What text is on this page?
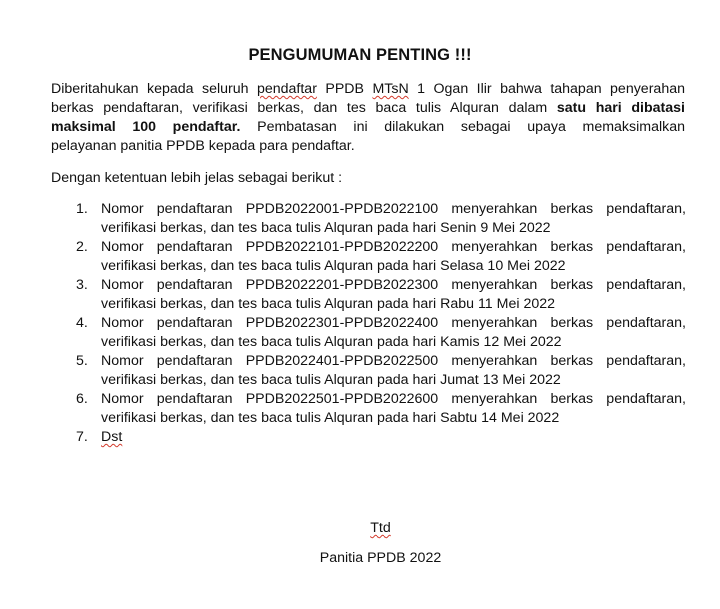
PENGUMUMAN PENTING !!!
Diberitahukan kepada seluruh pendaftar PPDB MTsN 1 Ogan Ilir bahwa tahapan penyerahan
berkas pendaftaran, verifikasi berkas, dan tes baca tulis Alquran dalam satu hari dibatasi
maksimal 100 pendaftar. Pembatasan ini dilakukan sebagai upaya memaksimalkan
pelayanan panitia PPDB kepada para pendaftar.

Dengan ketentuan lebih jelas sebagai berikut :

1. Nomor pendaftaran PPDB2022001-PPDB2022100 menyerahkan berkas pendaftaran,
verifikasi berkas, dan tes baca tulis Alquran pada hari Senin 9 Mei 2022
2. Nomor pendaftaran PPDB2022101-PPDB2022200 menyerahkan berkas pendaftaran,
verifikasi berkas, dan tes baca tulis Alquran pada hari Selasa 10 Mei 2022
3. Nomor pendaftaran PPDB2022201-PPDB2022300 menyerahkan berkas pendaftaran,
verifikasi berkas, dan tes baca tulis Alquran pada hari Rabu 11 Mei 2022
4. Nomor pendaftaran PPDB2022301-PPDB2022400 menyerahkan berkas pendaftaran,
verifikasi berkas, dan tes baca tulis Alquran pada hari Kamis 12 Mei 2022
5. Nomor pendaftaran PPDB2022401-PPDB2022500 menyerahkan berkas pendaftaran,
verifikasi berkas, dan tes baca tulis Alquran pada hari Jumat 13 Mei 2022
6. Nomor pendaftaran PPDB2022501-PPDB2022600 menyerahkan berkas pendaftaran,
verifikasi berkas, dan tes baca tulis Alquran pada hari Sabtu 14 Mei 2022
7. Dst
Ttd
Panitia PPDB 2022
